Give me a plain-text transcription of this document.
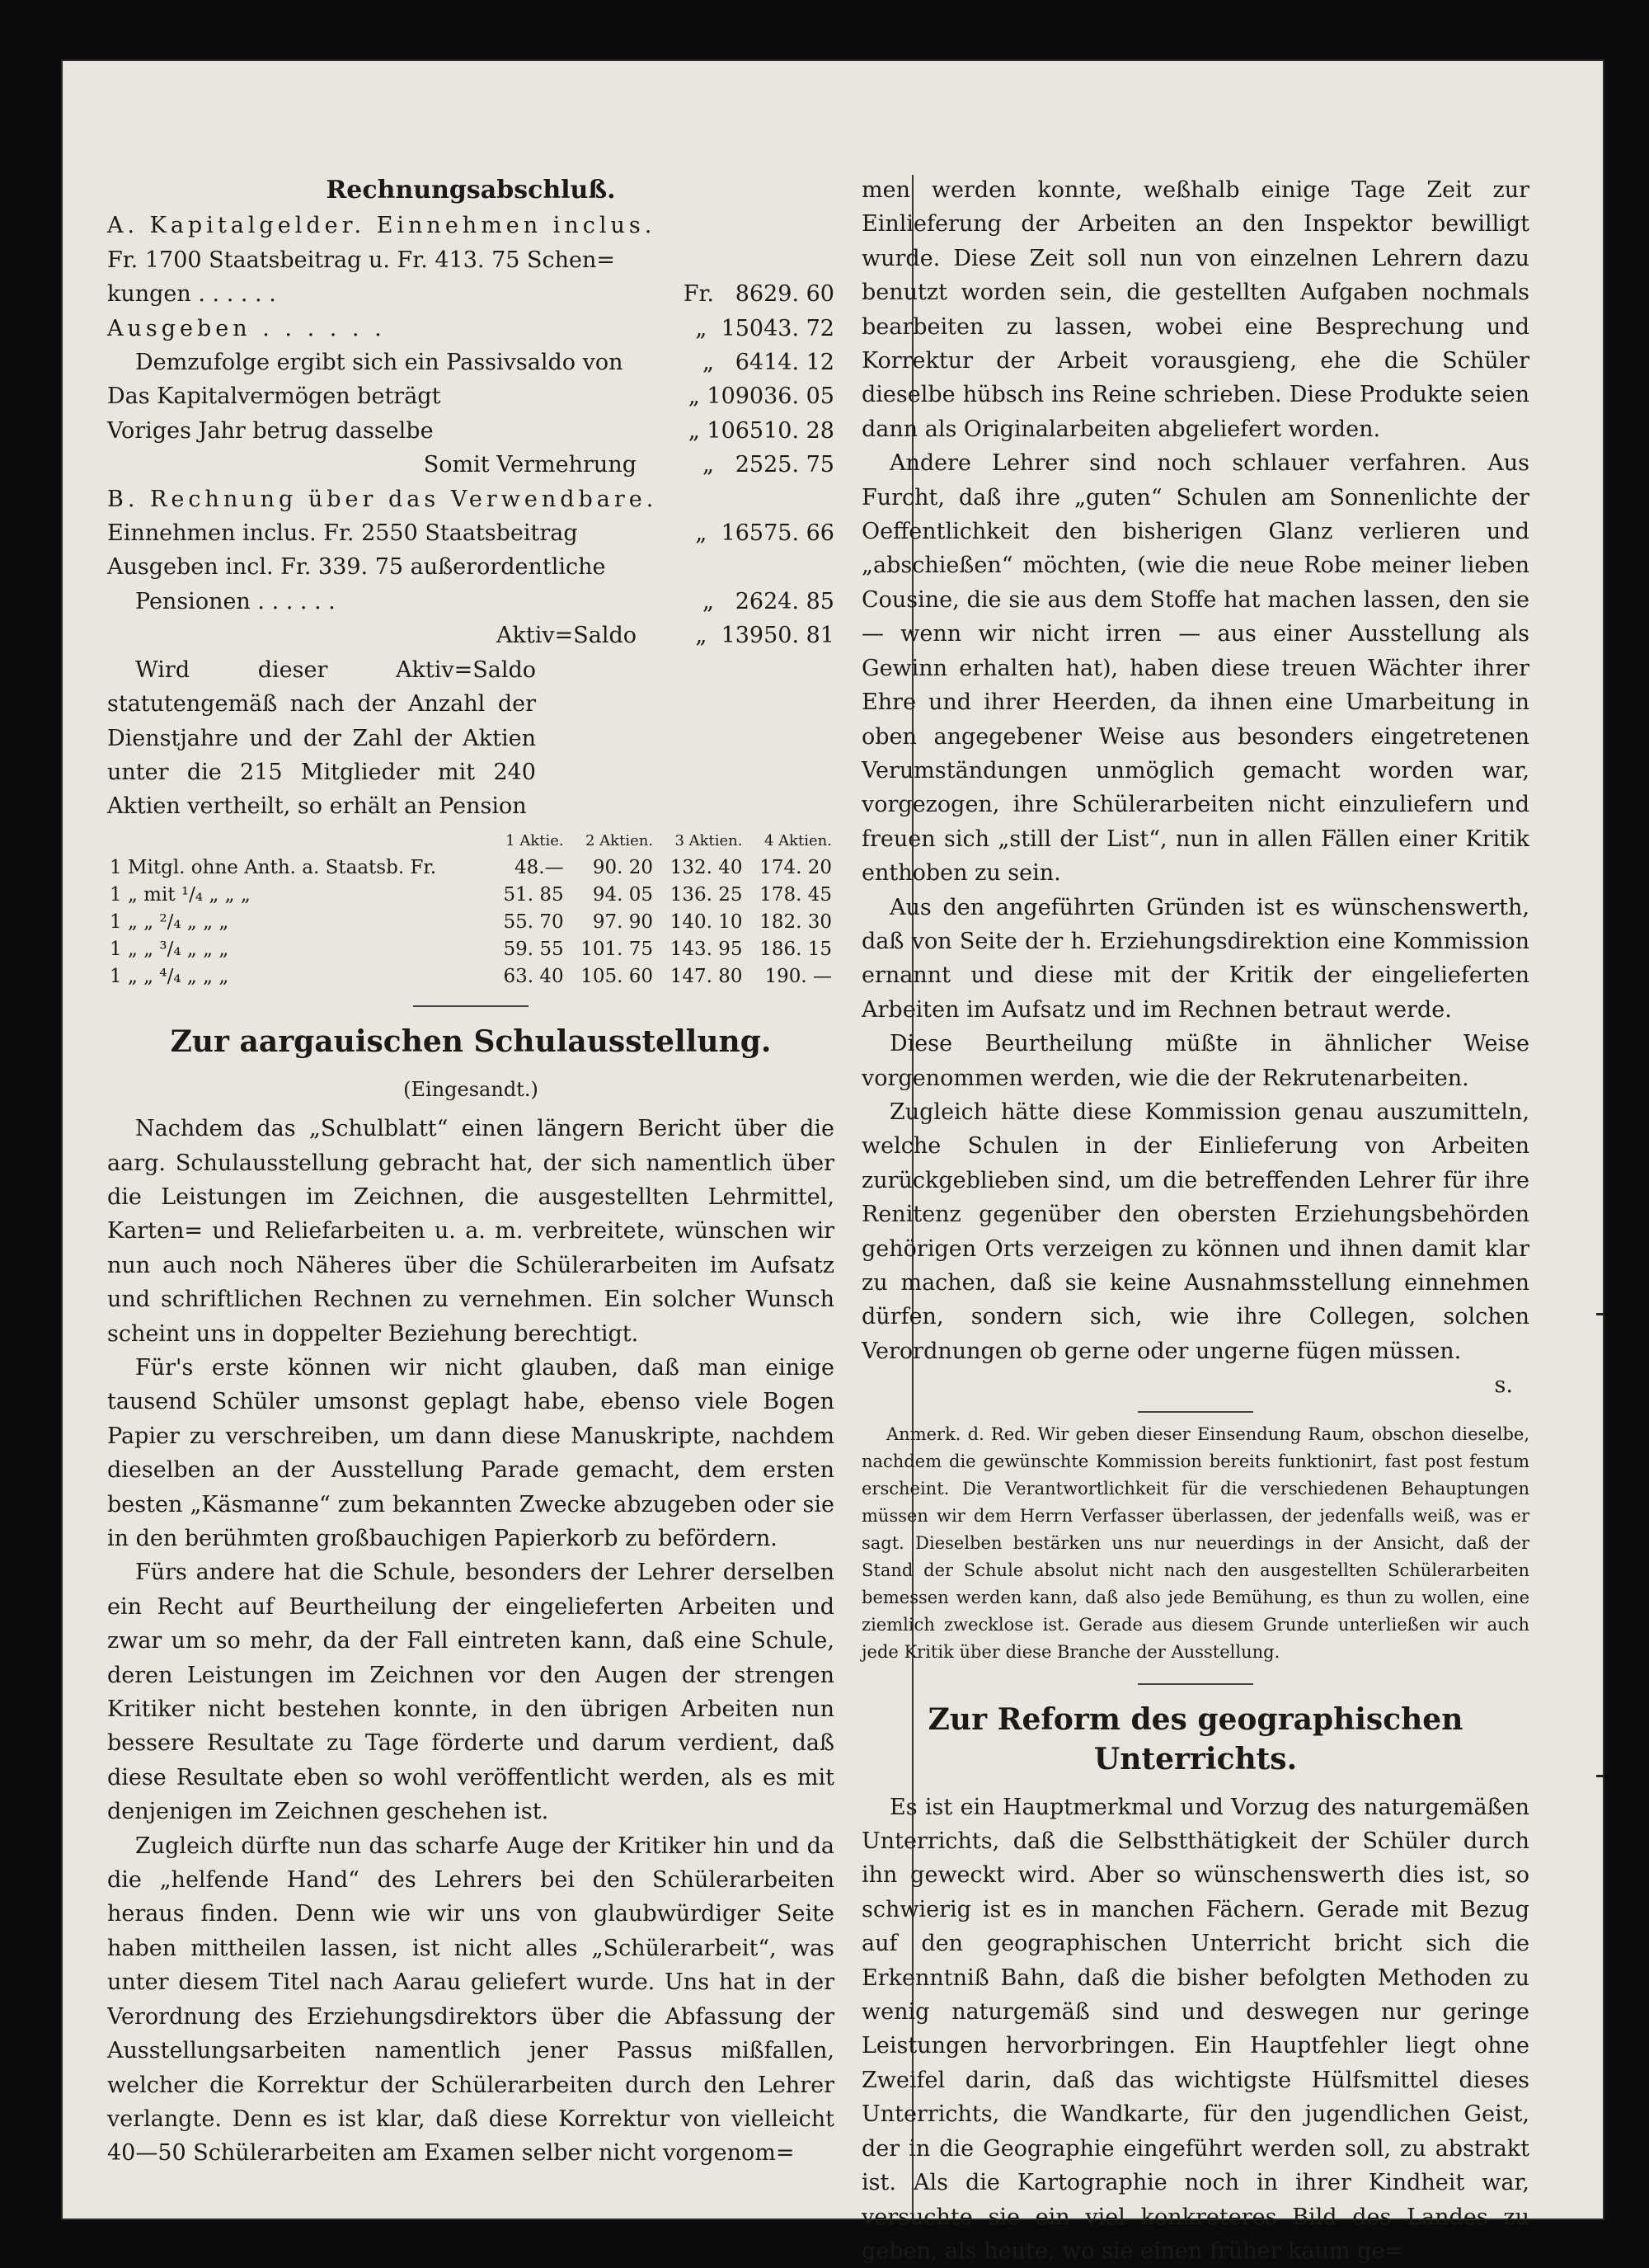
Rechnungsabschluß.
A. Kapitalgelder. Einnehmen inclus.
Fr. 1700 Staatsbeitrag u. Fr. 413. 75 Schen=
kungen . . . . . .	Fr.   8629. 60
Ausgeben . . . . . .	„  15043. 72
Demzufolge ergibt sich ein Passivsaldo von	„   6414. 12
Das Kapitalvermögen beträgt	„ 109036. 05
Voriges Jahr betrug dasselbe	„ 106510. 28
Somit Vermehrung	„   2525. 75
B. Rechnung über das Verwendbare.
Einnehmen inclus. Fr. 2550 Staatsbeitrag	„  16575. 66
Ausgeben incl. Fr. 339. 75 außerordentliche
Pensionen . . . . . .	„   2624. 85
Aktiv=Saldo	„  13950. 81

Wird dieser Aktiv=Saldo statutengemäß nach der Anzahl der Dienstjahre und der Zahl der Aktien unter die 215 Mitglieder mit 240 Aktien vertheilt, so erhält an Pension

	1 Aktie.	2 Aktien.	3 Aktien.	4 Aktien.
1 Mitgl. ohne Anth. a. Staatsb. Fr.	48.—	90. 20	132. 40	174. 20
1 „ mit ¹/₄ „ „ „	51. 85	94. 05	136. 25	178. 45
1 „ „ ²/₄ „ „ „	55. 70	97. 90	140. 10	182. 30
1 „ „ ³/₄ „ „ „	59. 55	101. 75	143. 95	186. 15
1 „ „ ⁴/₄ „ „ „	63. 40	105. 60	147. 80	190. —
Zur aargauischen Schulausstellung.
(Eingesandt.)

Nachdem das „Schulblatt“ einen längern Bericht über die aarg. Schulausstellung gebracht hat, der sich namentlich über die Leistungen im Zeichnen, die ausgestellten Lehrmittel, Karten= und Reliefarbeiten u. a. m. verbreitete, wünschen wir nun auch noch Näheres über die Schülerarbeiten im Aufsatz und schriftlichen Rechnen zu vernehmen. Ein solcher Wunsch scheint uns in doppelter Beziehung berechtigt.

Für's erste können wir nicht glauben, daß man einige tausend Schüler umsonst geplagt habe, ebenso viele Bogen Papier zu verschreiben, um dann diese Manuskripte, nachdem dieselben an der Ausstellung Parade gemacht, dem ersten besten „Käsmanne“ zum bekannten Zwecke abzugeben oder sie in den berühmten großbauchigen Papierkorb zu befördern.

Fürs andere hat die Schule, besonders der Lehrer derselben ein Recht auf Beurtheilung der eingelieferten Arbeiten und zwar um so mehr, da der Fall eintreten kann, daß eine Schule, deren Leistungen im Zeichnen vor den Augen der strengen Kritiker nicht bestehen konnte, in den übrigen Arbeiten nun bessere Resultate zu Tage förderte und darum verdient, daß diese Resultate eben so wohl veröffentlicht werden, als es mit denjenigen im Zeichnen geschehen ist.

Zugleich dürfte nun das scharfe Auge der Kritiker hin und da die „helfende Hand“ des Lehrers bei den Schülerarbeiten heraus finden. Denn wie wir uns von glaubwürdiger Seite haben mittheilen lassen, ist nicht alles „Schülerarbeit“, was unter diesem Titel nach Aarau geliefert wurde. Uns hat in der Verordnung des Erziehungsdirektors über die Abfassung der Ausstellungsarbeiten namentlich jener Passus mißfallen, welcher die Korrektur der Schülerarbeiten durch den Lehrer verlangte. Denn es ist klar, daß diese Korrektur von vielleicht 40—50 Schülerarbeiten am Examen selber nicht vorgenom=

men werden konnte, weßhalb einige Tage Zeit zur Einlieferung der Arbeiten an den Inspektor bewilligt wurde. Diese Zeit soll nun von einzelnen Lehrern dazu benutzt worden sein, die gestellten Aufgaben nochmals bearbeiten zu lassen, wobei eine Besprechung und Korrektur der Arbeit vorausgieng, ehe die Schüler dieselbe hübsch ins Reine schrieben. Diese Produkte seien dann als Originalarbeiten abgeliefert worden.

Andere Lehrer sind noch schlauer verfahren. Aus Furcht, daß ihre „guten“ Schulen am Sonnenlichte der Oeffentlichkeit den bisherigen Glanz verlieren und „abschießen“ möchten, (wie die neue Robe meiner lieben Cousine, die sie aus dem Stoffe hat machen lassen, den sie — wenn wir nicht irren — aus einer Ausstellung als Gewinn erhalten hat), haben diese treuen Wächter ihrer Ehre und ihrer Heerden, da ihnen eine Umarbeitung in oben angegebener Weise aus besonders eingetretenen Verumständungen unmöglich gemacht worden war, vorgezogen, ihre Schülerarbeiten nicht einzuliefern und freuen sich „still der List“, nun in allen Fällen einer Kritik enthoben zu sein.

Aus den angeführten Gründen ist es wünschenswerth, daß von Seite der h. Erziehungsdirektion eine Kommission ernannt und diese mit der Kritik der eingelieferten Arbeiten im Aufsatz und im Rechnen betraut werde.

Diese Beurtheilung müßte in ähnlicher Weise vorgenommen werden, wie die der Rekrutenarbeiten.

Zugleich hätte diese Kommission genau auszumitteln, welche Schulen in der Einlieferung von Arbeiten zurückgeblieben sind, um die betreffenden Lehrer für ihre Renitenz gegenüber den obersten Erziehungsbehörden gehörigen Orts verzeigen zu können und ihnen damit klar zu machen, daß sie keine Ausnahmsstellung einnehmen dürfen, sondern sich, wie ihre Collegen, solchen Verordnungen ob gerne oder ungerne fügen müssen.

s.

Anmerk. d. Red. Wir geben dieser Einsendung Raum, obschon dieselbe, nachdem die gewünschte Kommission bereits funktionirt, fast post festum erscheint. Die Verantwortlichkeit für die verschiedenen Behauptungen müssen wir dem Herrn Verfasser überlassen, der jedenfalls weiß, was er sagt. Dieselben bestärken uns nur neuerdings in der Ansicht, daß der Stand der Schule absolut nicht nach den ausgestellten Schülerarbeiten bemessen werden kann, daß also jede Bemühung, es thun zu wollen, eine ziemlich zwecklose ist. Gerade aus diesem Grunde unterließen wir auch jede Kritik über diese Branche der Ausstellung.

Zur Reform des geographischen Unterrichts.

Es ist ein Hauptmerkmal und Vorzug des naturgemäßen Unterrichts, daß die Selbstthätigkeit der Schüler durch ihn geweckt wird. Aber so wünschenswerth dies ist, so schwierig ist es in manchen Fächern. Gerade mit Bezug auf den geographischen Unterricht bricht sich die Erkenntniß Bahn, daß die bisher befolgten Methoden zu wenig naturgemäß sind und deswegen nur geringe Leistungen hervorbringen. Ein Hauptfehler liegt ohne Zweifel darin, daß das wichtigste Hülfsmittel dieses Unterrichts, die Wandkarte, für den jugendlichen Geist, der in die Geographie eingeführt werden soll, zu abstrakt ist. Als die Kartographie noch in ihrer Kindheit war, versuchte sie ein viel konkreteres Bild des Landes zu geben, als heute, wo sie einen früher kaum ge=
